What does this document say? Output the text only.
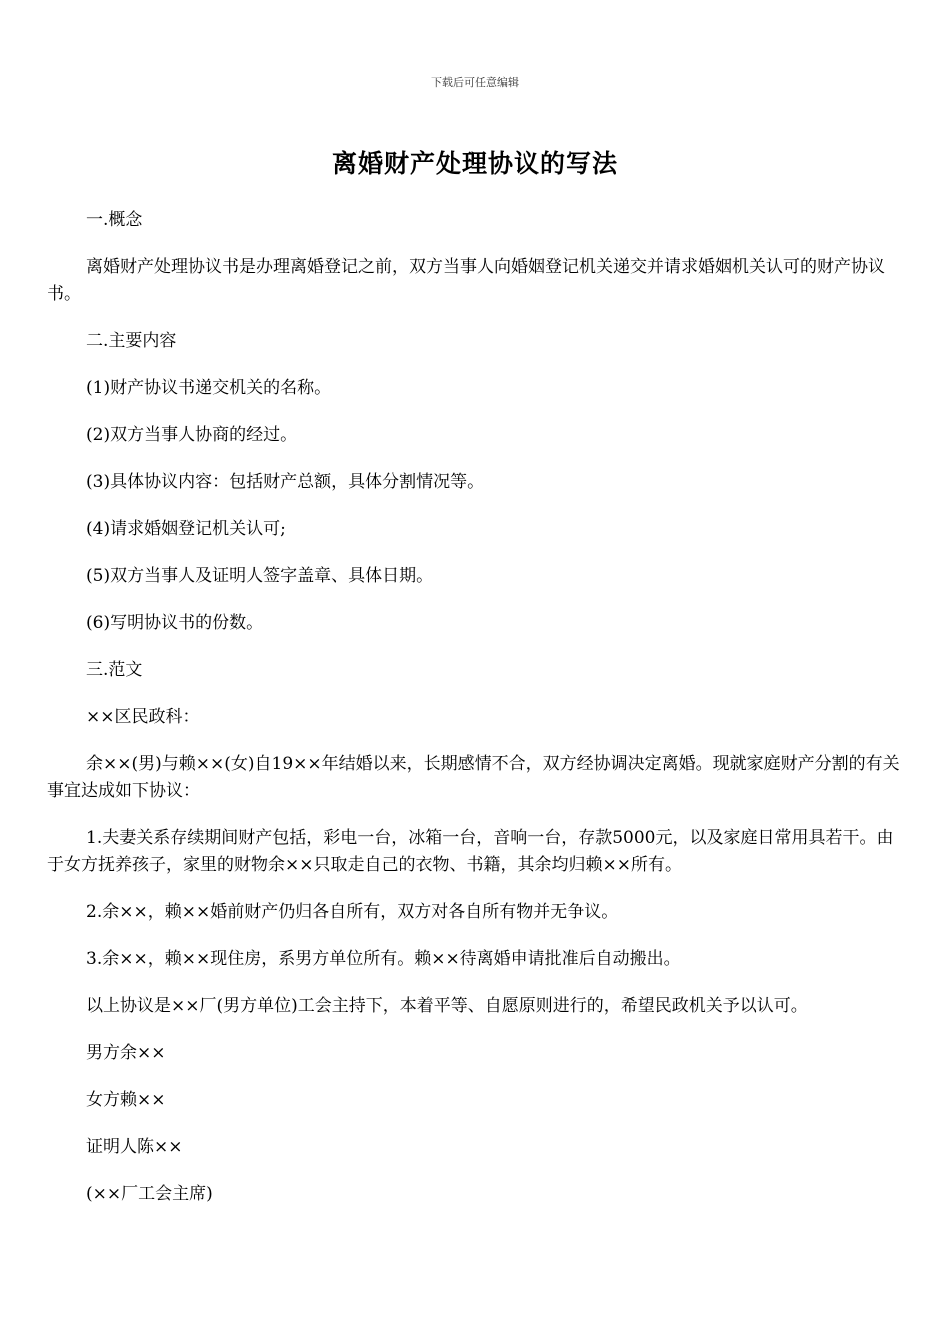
下载后可任意编辑
离婚财产处理协议的写法

一.概念

离婚财产处理协议书是办理离婚登记之前，双方当事人向婚姻登记机关递交并请求婚姻机关认可的财产协议书。

二.主要内容

(1)财产协议书递交机关的名称。

(2)双方当事人协商的经过。

(3)具体协议内容：包括财产总额，具体分割情况等。

(4)请求婚姻登记机关认可;

(5)双方当事人及证明人签字盖章、具体日期。

(6)写明协议书的份数。

三.范文

××区民政科：

余××(男)与赖××(女)自19××年结婚以来，长期感情不合，双方经协调决定离婚。现就家庭财产分割的有关事宜达成如下协议：

1.夫妻关系存续期间财产包括，彩电一台，冰箱一台，音响一台，存款5000元，以及家庭日常用具若干。由于女方抚养孩子，家里的财物余××只取走自己的衣物、书籍，其余均归赖××所有。

2.余××，赖××婚前财产仍归各自所有，双方对各自所有物并无争议。

3.余××，赖××现住房，系男方单位所有。赖××待离婚申请批准后自动搬出。

以上协议是××厂(男方单位)工会主持下，本着平等、自愿原则进行的，希望民政机关予以认可。

男方余××

女方赖××

证明人陈××

(××厂工会主席)
